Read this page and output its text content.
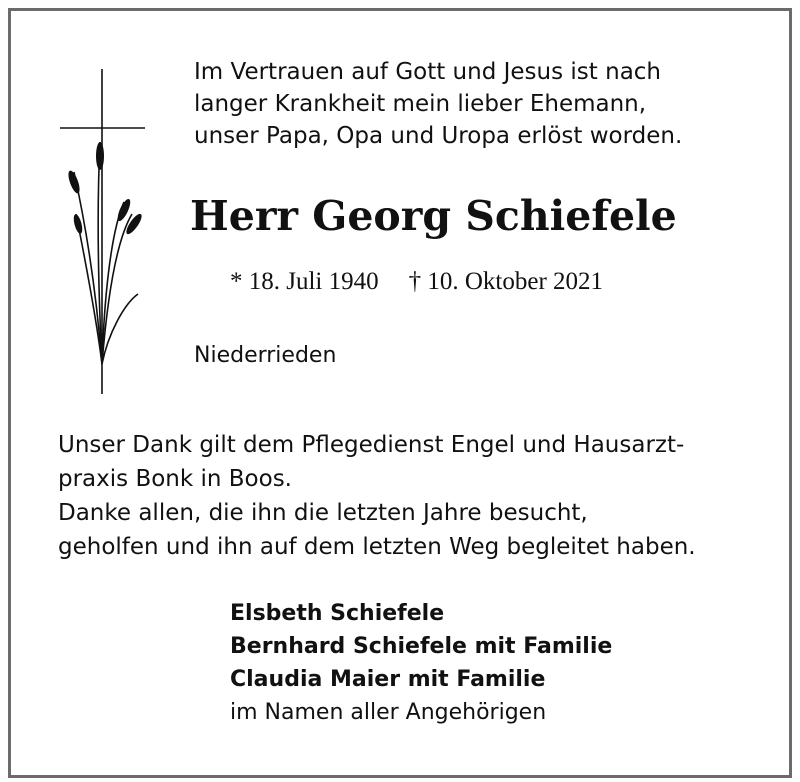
Im Vertrauen auf Gott und Jesus ist nach
langer Krankheit mein lieber Ehemann,
unser Papa, Opa und Uropa erlöst worden.
Herr Georg Schiefele
* 18. Juli 1940 † 10. Oktober 2021
Niederrieden
Unser Dank gilt dem Pflegedienst Engel und Hausarzt-
praxis Bonk in Boos.
Danke allen, die ihn die letzten Jahre besucht,
geholfen und ihn auf dem letzten Weg begleitet haben.
Elsbeth Schiefele
Bernhard Schiefele mit Familie
Claudia Maier mit Familie
im Namen aller Angehörigen
